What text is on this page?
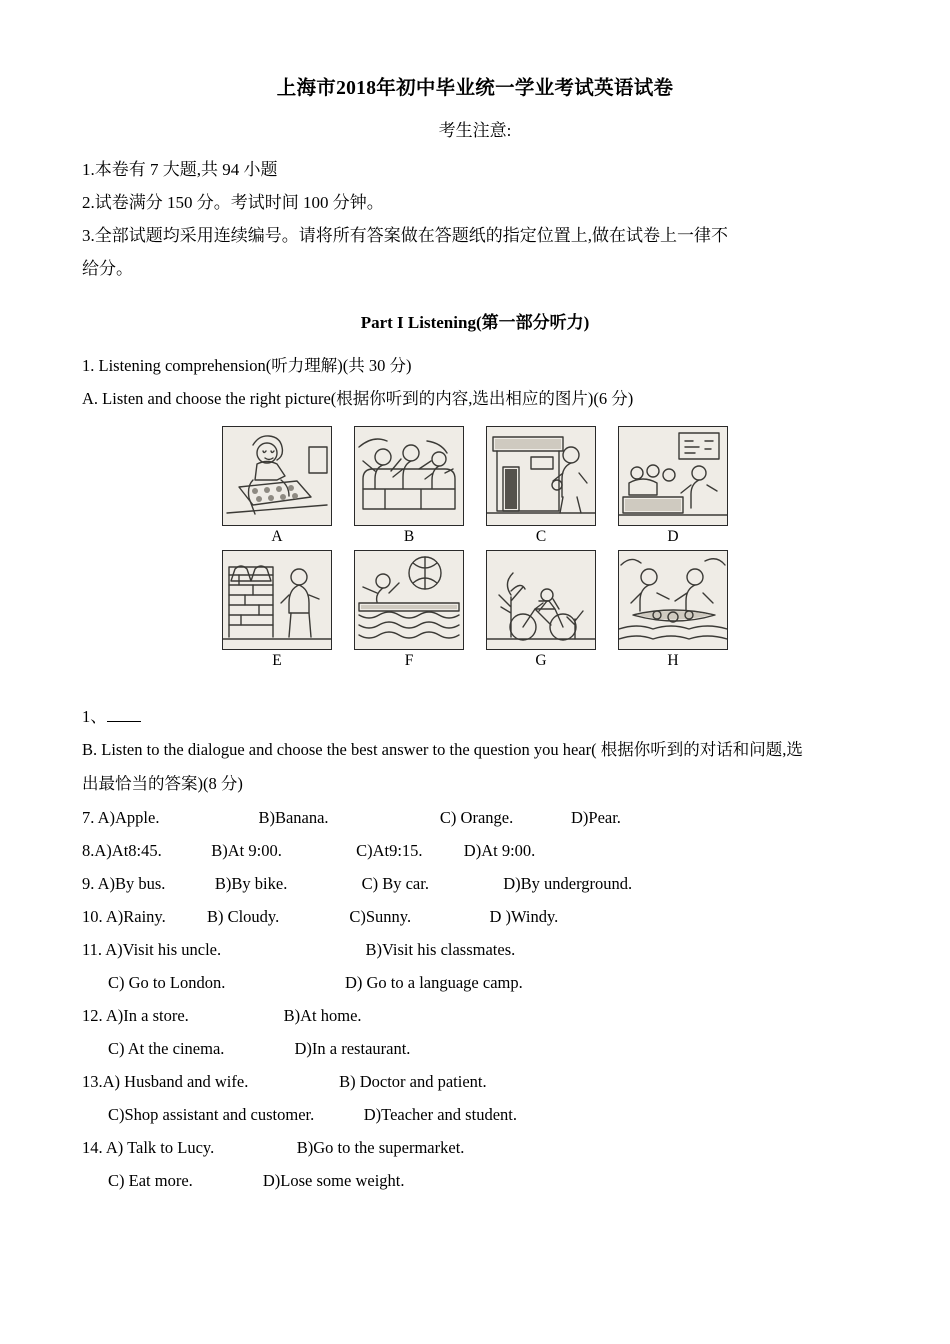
上海市2018年初中毕业统一学业考试英语试卷
考生注意:

1.本卷有 7 大题,共 94 小题

2.试卷满分 150 分。考试时间 100 分钟。

3.全部试题均采用连续编号。请将所有答案做在答题纸的指定位置上,做在试卷上一律不

给分。

Part I Listening(第一部分听力)

1. Listening comprehension(听力理解)(共 30 分)

A. Listen and choose the right picture(根据你听到的内容,选出相应的图片)(6 分)

A	B	C	D
E	F	G	H

1、

B. Listen to the dialogue and choose the best answer to the question you hear( 根据你听到的对话和问题,选

出最恰当的答案)(8 分)

7. A)Apple.                        B)Banana.                           C) Orange.              D)Pear.

8.A)At8:45.            B)At 9:00.                  C)At9:15.          D)At 9:00.

9. A)By bus.            B)By bike.                  C) By car.                  D)By underground.

10. A)Rainy.          B) Cloudy.                 C)Sunny.                   D )Windy.

11. A)Visit his uncle.                                   B)Visit his classmates.

C) Go to London.                             D) Go to a language camp.

12. A)In a store.                       B)At home.

C) At the cinema.                 D)In a restaurant.

13.A) Husband and wife.                      B) Doctor and patient.

C)Shop assistant and customer.            D)Teacher and student.

14. A) Talk to Lucy.                    B)Go to the supermarket.

C) Eat more.                 D)Lose some weight.
